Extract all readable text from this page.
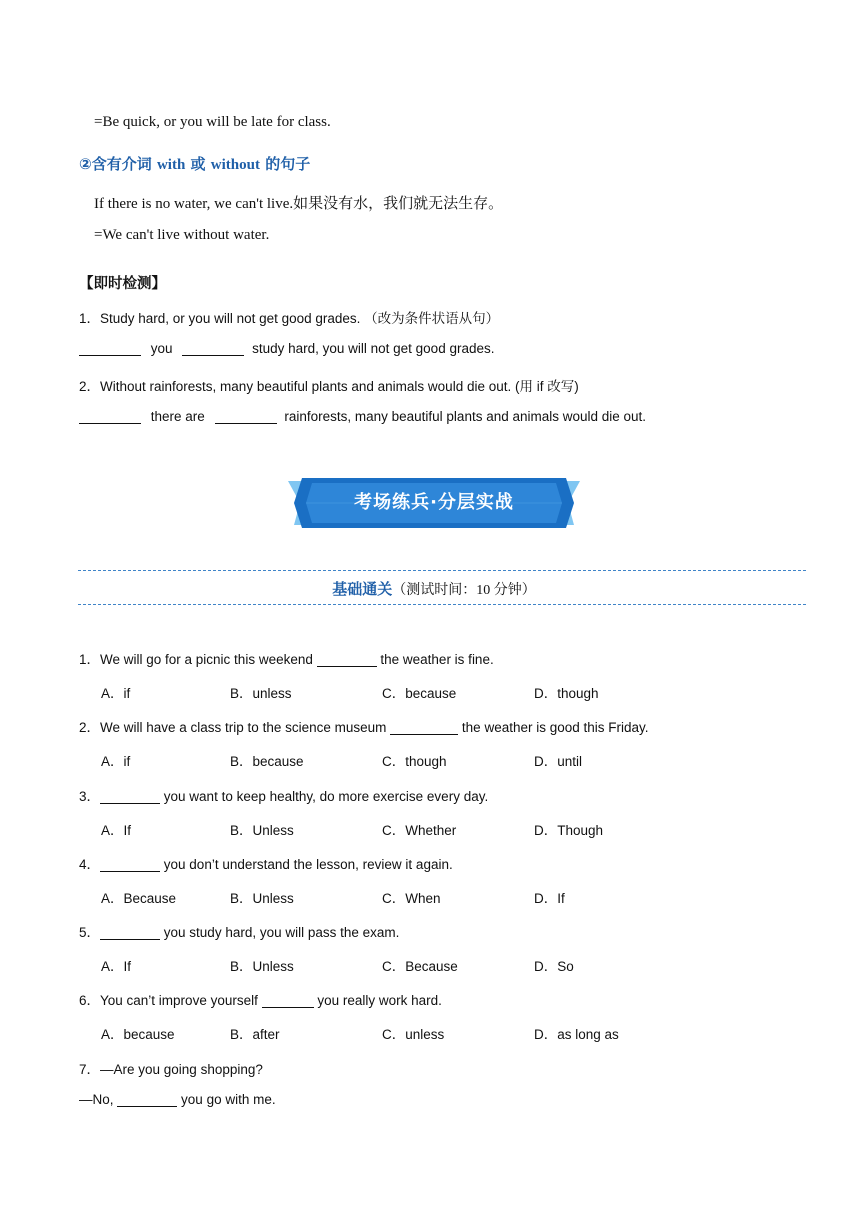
=Be quick, or you will be late for class.
②含有介词 with 或 without 的句子
If there is no water, we can't live.如果没有水，我们就无法生存。
=We can't live without water.
【即时检测】
1．Study hard, or you will not get good grades. （改为条件状语从句）
you	study hard, you will not get good grades.
2．Without rainforests, many beautiful plants and animals would die out. (用 if 改写)
there are	rainforests, many beautiful plants and animals would die out.
考场练兵·分层实战
基础通关（测试时间：10 分钟）
1．We will go for a picnic this weekend	the weather is fine.
A．if	B．unless	C．because	D．though
2．We will have a class trip to the science museum	the weather is good this Friday.
A．if	B．because	C．though	D．until
3．	you want to keep healthy, do more exercise every day.
A．If	B．Unless	C．Whether	D．Though
4．	you don’t understand the lesson, review it again.
A．Because	B．Unless	C．When	D．If
5．	you study hard, you will pass the exam.
A．If	B．Unless	C．Because	D．So
6．You can’t improve yourself	you really work hard.
A．because	B．after	C．unless	D．as long as
7．—Are you going shopping?
—No,	you go with me.
